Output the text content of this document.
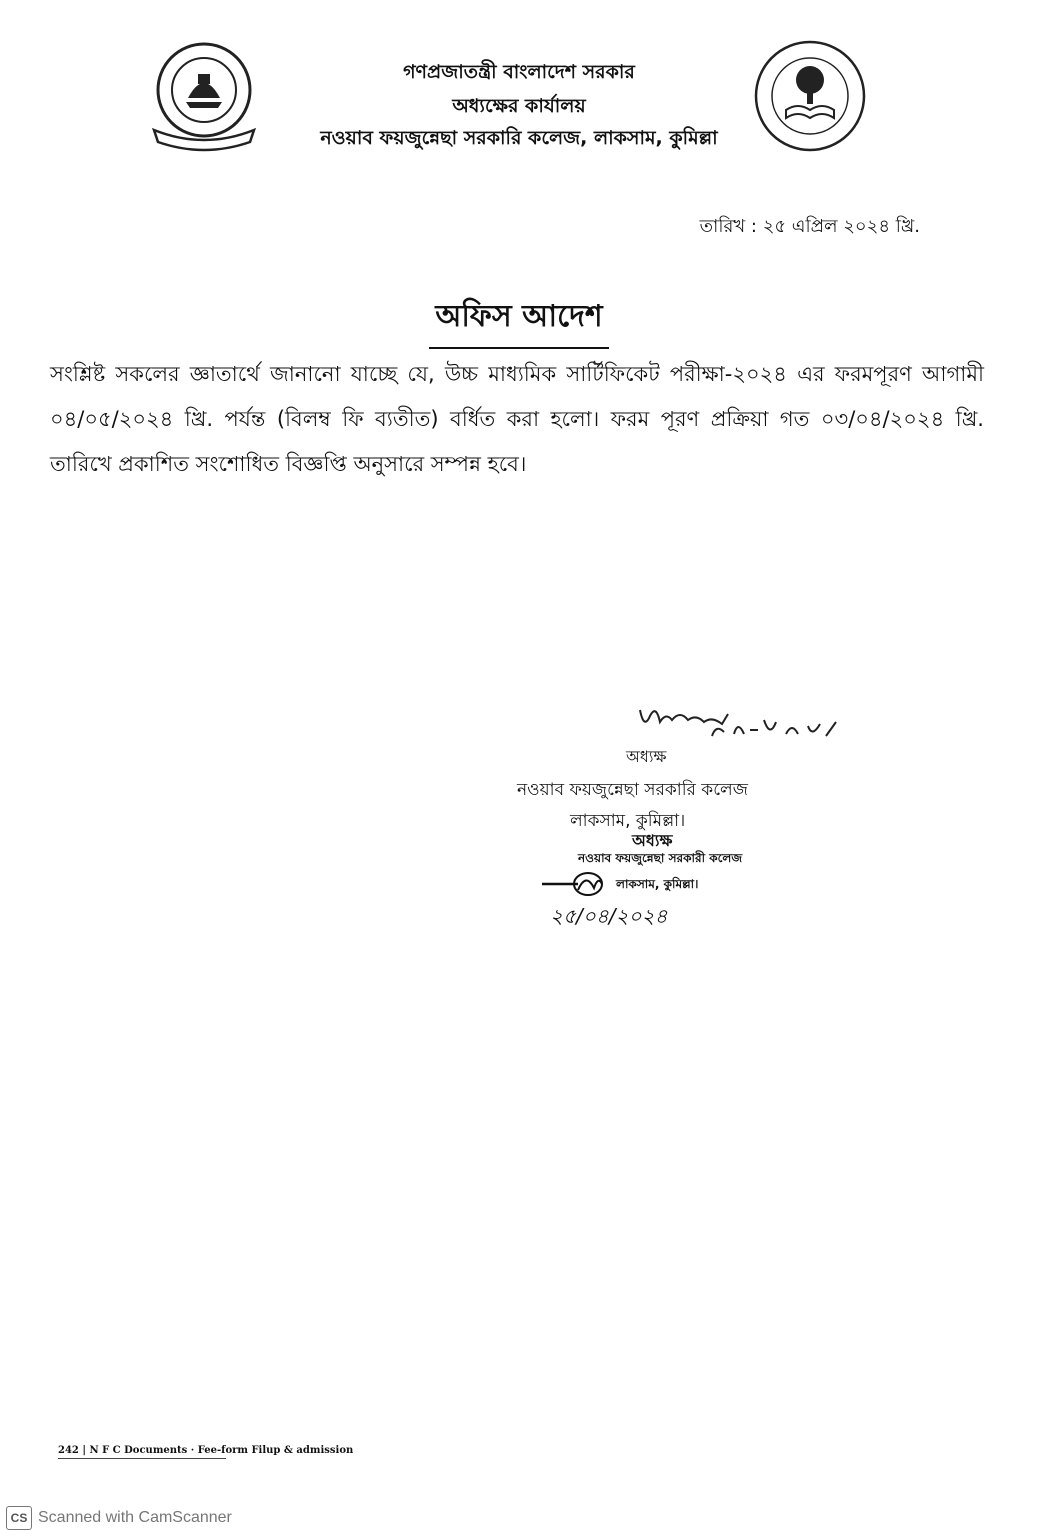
গণপ্রজাতন্ত্রী বাংলাদেশ সরকার
অধ্যক্ষের কার্যালয়
নওয়াব ফয়জুন্নেছা সরকারি কলেজ, লাকসাম, কুমিল্লা
তারিখ : ২৫ এপ্রিল ২০২৪ খ্রি.
অফিস আদেশ
সংশ্লিষ্ট সকলের জ্ঞাতার্থে জানানো যাচ্ছে যে, উচ্চ মাধ্যমিক সার্টিফিকেট পরীক্ষা-২০২৪ এর ফরমপূরণ আগামী ০৪/০৫/২০২৪ খ্রি. পর্যন্ত (বিলম্ব ফি ব্যতীত) বর্ধিত করা হলো। ফরম পূরণ প্রক্রিয়া গত ০৩/০৪/২০২৪ খ্রি. তারিখে প্রকাশিত সংশোধিত বিজ্ঞপ্তি অনুসারে সম্পন্ন হবে।
অধ্যক্ষ
নওয়াব ফয়জুন্নেছা সরকারি কলেজ
লাকসাম, কুমিল্লা।
অধ্যক্ষ
নওয়াব ফয়জুন্নেছা সরকারী কলেজ
লাকসাম, কুমিল্লা।
২৫/০৪/২০২৪
242 | N F C Documents · Fee-form Filup & admission
CS Scanned with CamScanner
